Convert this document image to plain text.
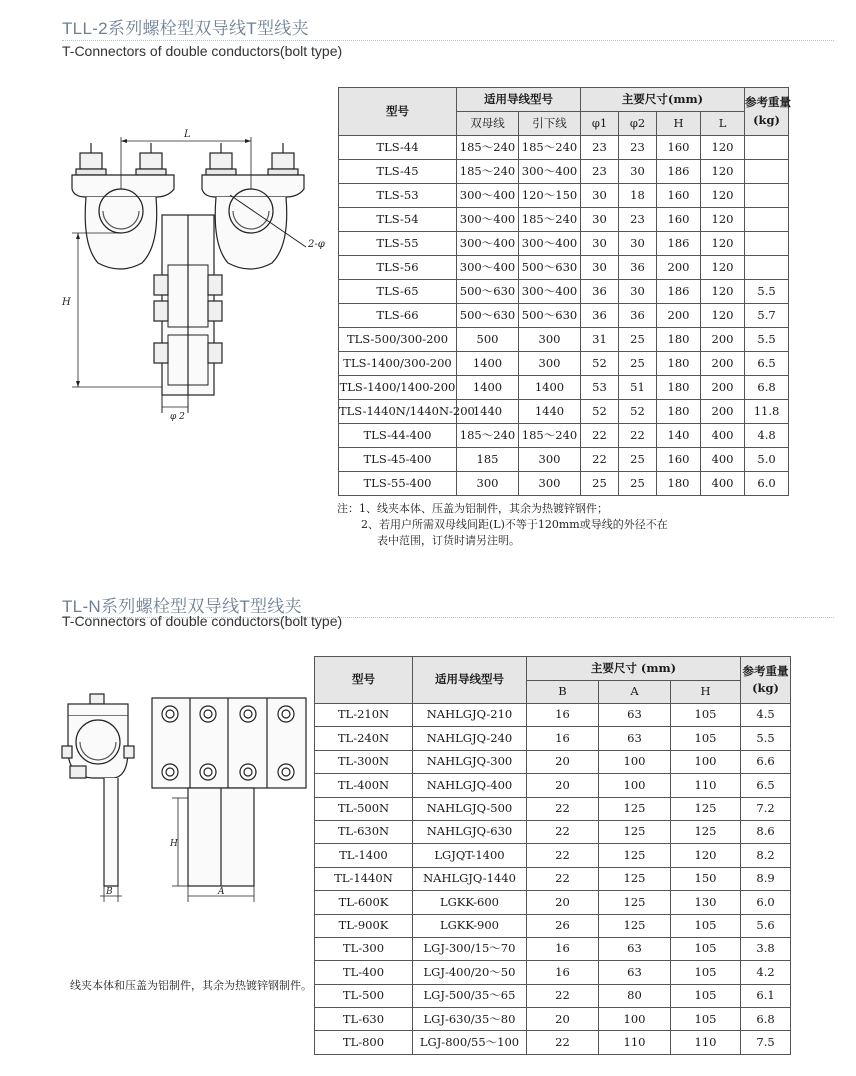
TLL-2系列螺栓型双导线T型线夹
T-Connectors of double conductors(bolt type)
L
H
2-φ
φ 2
型号	适用导线型号		主要尺寸(mm)				参考重量
(kg)

	双母线	引下线	φ1	φ2	H	L	
TLS-44	185～240	185～240	23	23	160	120	
TLS-45	185～240	300～400	23	30	186	120	
TLS-53	300～400	120～150	30	18	160	120	
TLS-54	300～400	185～240	30	23	160	120	
TLS-55	300～400	300～400	30	30	186	120	
TLS-56	300～400	500～630	30	36	200	120	
TLS-65	500～630	300～400	36	30	186	120	5.5
TLS-66	500～630	500～630	36	36	200	120	5.7
TLS-500/300-200	500	300	31	25	180	200	5.5
TLS-1400/300-200	1400	300	52	25	180	200	6.5
TLS-1400/1400-200	1400	1400	53	51	180	200	6.8
TLS-1440N/1440N-200	1440	1440	52	52	180	200	11.8
TLS-44-400	185～240	185～240	22	22	140	400	4.8
TLS-45-400	185	300	22	25	160	400	5.0
TLS-55-400	300	300	25	25	180	400	6.0
注：1、线夹本体、压盖为铝制件，其余为热镀锌钢件；
2、若用户所需双母线间距(L)不等于120mm或导线的外径不在
表中范围，订货时请另注明。
TL-N系列螺栓型双导线T型线夹
T-Connectors of double conductors(bolt type)
B
H
A
线夹本体和压盖为铝制件，其余为热镀锌钢制件。
型号	适用导线型号	主要尺寸 (mm)			参考重量
(kg)

		B	A	H	
TL-210N	NAHLGJQ-210	16	63	105	4.5
TL-240N	NAHLGJQ-240	16	63	105	5.5
TL-300N	NAHLGJQ-300	20	100	100	6.6
TL-400N	NAHLGJQ-400	20	100	110	6.5
TL-500N	NAHLGJQ-500	22	125	125	7.2
TL-630N	NAHLGJQ-630	22	125	125	8.6
TL-1400	LGJQT-1400	22	125	120	8.2
TL-1440N	NAHLGJQ-1440	22	125	150	8.9
TL-600K	LGKK-600	20	125	130	6.0
TL-900K	LGKK-900	26	125	105	5.6
TL-300	LGJ-300/15～70	16	63	105	3.8
TL-400	LGJ-400/20～50	16	63	105	4.2
TL-500	LGJ-500/35～65	22	80	105	6.1
TL-630	LGJ-630/35～80	20	100	105	6.8
TL-800	LGJ-800/55～100	22	110	110	7.5
